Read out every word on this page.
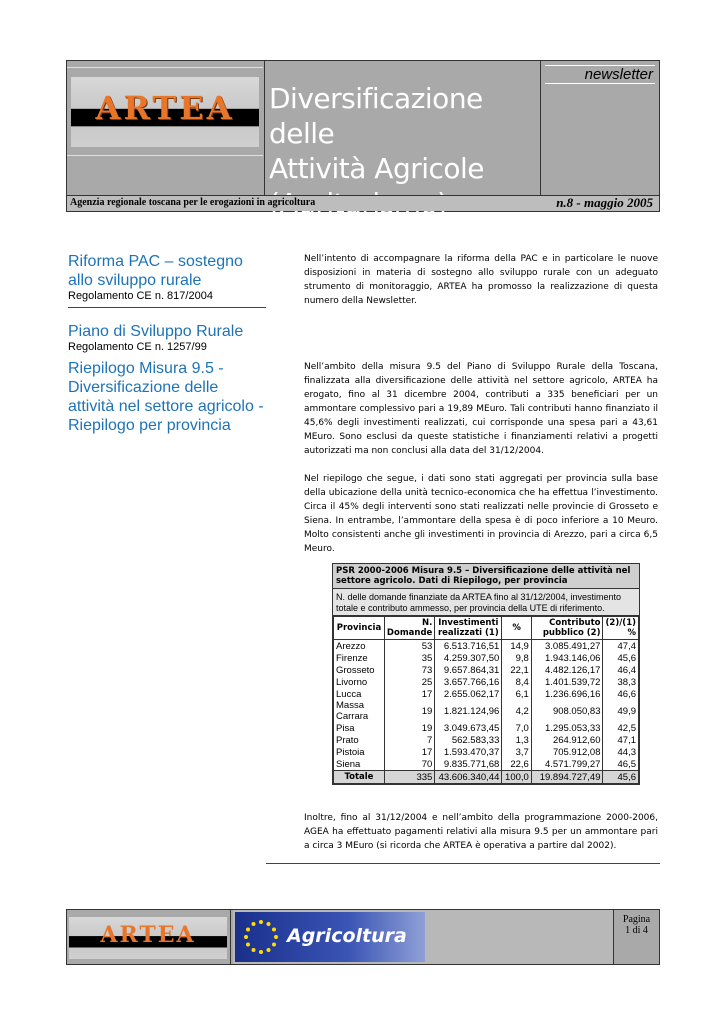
ARTEA	Diversificazione delle
Attività Agricole
newsletter
Agenzia regionale toscana per le erogazioni in agricoltura	n.8 - maggio 2005
Riforma PAC – sostegno allo sviluppo rurale
Regolamento CE n. 817/2004
Piano di Sviluppo Rurale
Regolamento CE n. 1257/99
Riepilogo Misura 9.5 - Diversificazione delle attività nel settore agricolo - Riepilogo per provincia

Nell’intento di accompagnare la riforma della PAC e in particolare le nuove disposizioni in materia di sostegno allo sviluppo rurale con un adeguato strumento di monitoraggio, ARTEA ha promosso la realizzazione di questa numero della Newsletter.

Nell’ambito della misura 9.5 del Piano di Sviluppo Rurale della Toscana, finalizzata alla diversificazione delle attività nel settore agricolo, ARTEA ha erogato, fino al 31 dicembre 2004, contributi a 335 beneficiari per un ammontare complessivo pari a 19,89 MEuro. Tali contributi hanno finanziato il 45,6% degli investimenti realizzati, cui corrisponde una spesa pari a 43,61 MEuro. Sono esclusi da queste statistiche i finanziamenti relativi a progetti autorizzati ma non conclusi alla data del 31/12/2004.

Nel riepilogo che segue, i dati sono stati aggregati per provincia sulla base della ubicazione della unità tecnico-economica che ha effettua l’investimento. Circa il 45% degli interventi sono stati realizzati nelle provincie di Grosseto e Siena. In entrambe, l’ammontare della spesa è di poco inferiore a 10 Meuro. Molto consistenti anche gli investimenti in provincia di Arezzo, pari a circa 6,5 Meuro.

PSR 2000-2006 Misura 9.5 – Diversificazione delle attività nel settore agricolo. Dati di Riepilogo, per provincia
N. delle domande finanziate da ARTEA fino al 31/12/2004, investimento totale e contributo ammesso, per provincia della UTE di riferimento.
Provincia	N. Domande	Investimenti realizzati (1)	%	Contributo pubblico (2)	(2)/(1) %
Arezzo	53	6.513.716,51	14,9	3.085.491,27	47,4
Firenze	35	4.259.307,50	9,8	1.943.146,06	45,6
Grosseto	73	9.657.864,31	22,1	4.482.126,17	46,4
Livorno	25	3.657.766,16	8,4	1.401.539,72	38,3
Lucca	17	2.655.062,17	6,1	1.236.696,16	46,6
Massa Carrara	19	1.821.124,96	4,2	908.050,83	49,9
Pisa	19	3.049.673,45	7,0	1.295.053,33	42,5
Prato	7	562.583,33	1,3	264.912,60	47,1
Pistoia	17	1.593.470,37	3,7	705.912,08	44,3
Siena	70	9.835.771,68	22,6	4.571.799,27	46,5
Totale	335	43.606.340,44	100,0	19.894.727,49	45,6

Inoltre, fino al 31/12/2004 e nell’ambito della programmazione 2000-2006, AGEA ha effettuato pagamenti relativi alla misura 9.5 per un ammontare pari a circa 3 MEuro (si ricorda che ARTEA è operativa a partire dal 2002).

ARTEA	Agricoltura
Pagina
1 di 4
